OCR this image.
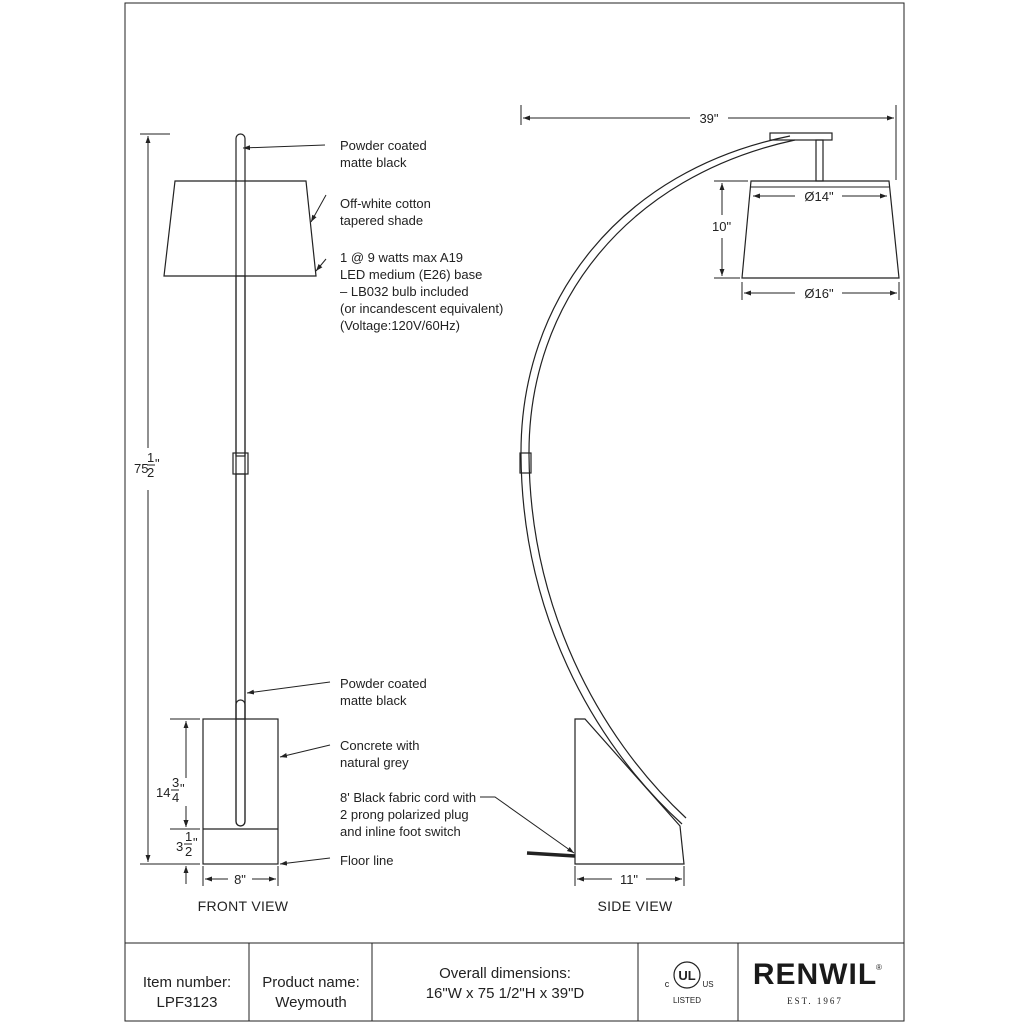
75
1
2
"
14
3
4
"
3
1
2
"
8"
Powder coated matte black
Off-white cotton tapered shade
1 @ 9 watts max A19 LED medium (E26) base – LB032 bulb included (or incandescent equivalent) (Voltage:120V/60Hz)
Powder coated matte black
Concrete with natural grey
8' Black fabric cord with 2 prong polarized plug and inline foot switch
Floor line
FRONT VIEW
39"
Ø14"
10"
Ø16"
11"
SIDE VIEW
Item number:
LPF3123
Product name:
Weymouth
Overall dimensions:
16"W x 75 1/2"H x 39"D
UL
c	US
LISTED
RENWIL
®
EST. 1967
